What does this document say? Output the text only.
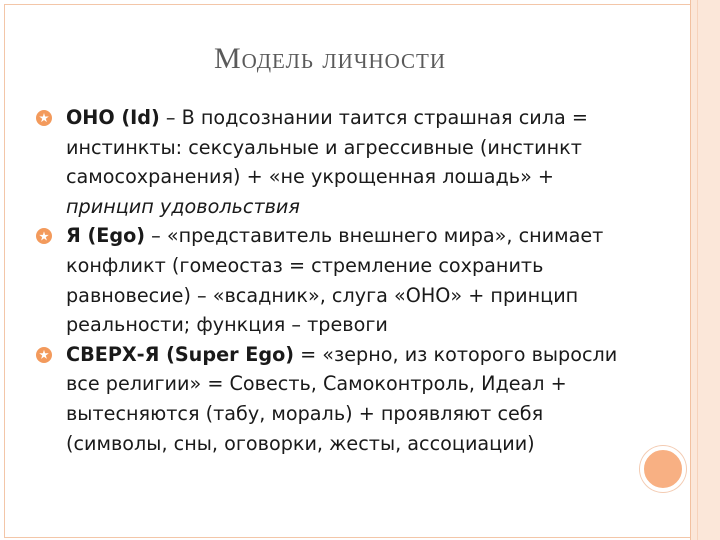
Модель личности

ОНО (Id) – В подсознании таится страшная сила = инстинкты: сексуальные и агрессивные (инстинкт самосохранения) + «не укрощенная лошадь» + принцип удовольствия

Я (Ego) – «представитель внешнего мира», снимает конфликт (гомеостаз = стремление сохранить равновесие) – «всадник», слуга «ОНО» + принцип реальности; функция – тревоги

СВЕРХ-Я (Super Ego) = «зерно, из которого выросли все религии» = Совесть, Самоконтроль, Идеал + вытесняются (табу, мораль) + проявляют себя (символы, сны, оговорки, жесты, ассоциации)
